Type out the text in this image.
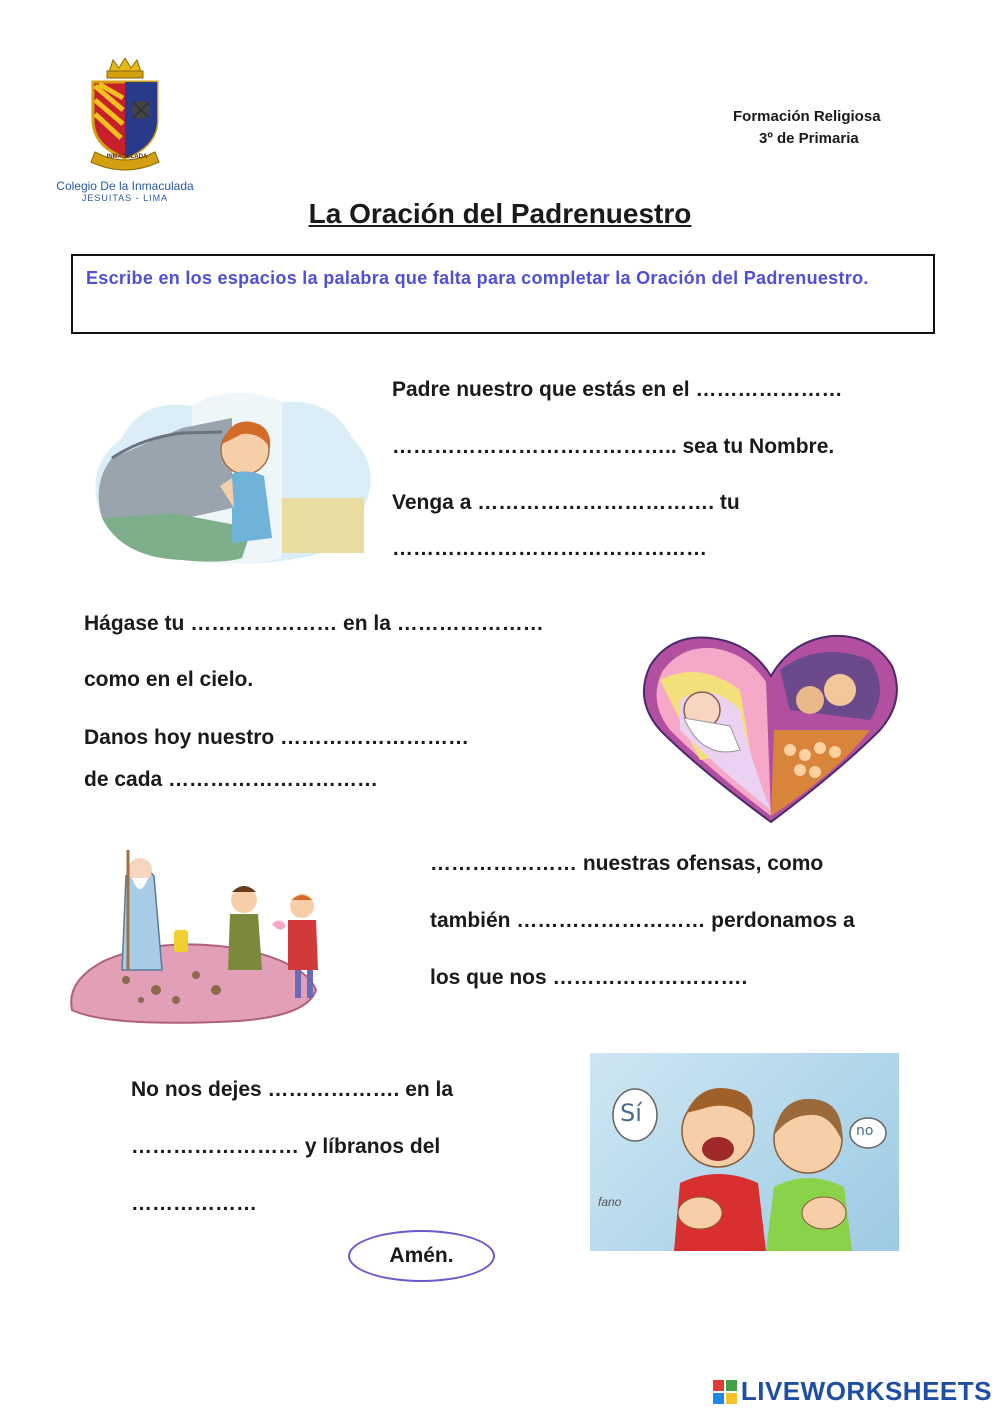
INMACULADA
Colegio De la Inmaculada
JESUITAS - LIMA
Formación Religiosa
3º de Primaria
La Oración del Padrenuestro
Escribe en los espacios la palabra que falta para completar la Oración del Padrenuestro.
Padre nuestro que estás en el …………………
………………………………….. sea tu Nombre.
Venga a ……………………………. tu
………………………………………
Hágase tu ………………… en la …………………
como en el cielo.
Danos hoy nuestro ………………………
de cada …………………………
………………… nuestras ofensas, como
también ……………………… perdonamos a
los que nos ……………………….
No nos dejes ………………. en la
…………………… y líbranos del
………………
Sí
no
fano
Amén.
LIVEWORKSHEETS
